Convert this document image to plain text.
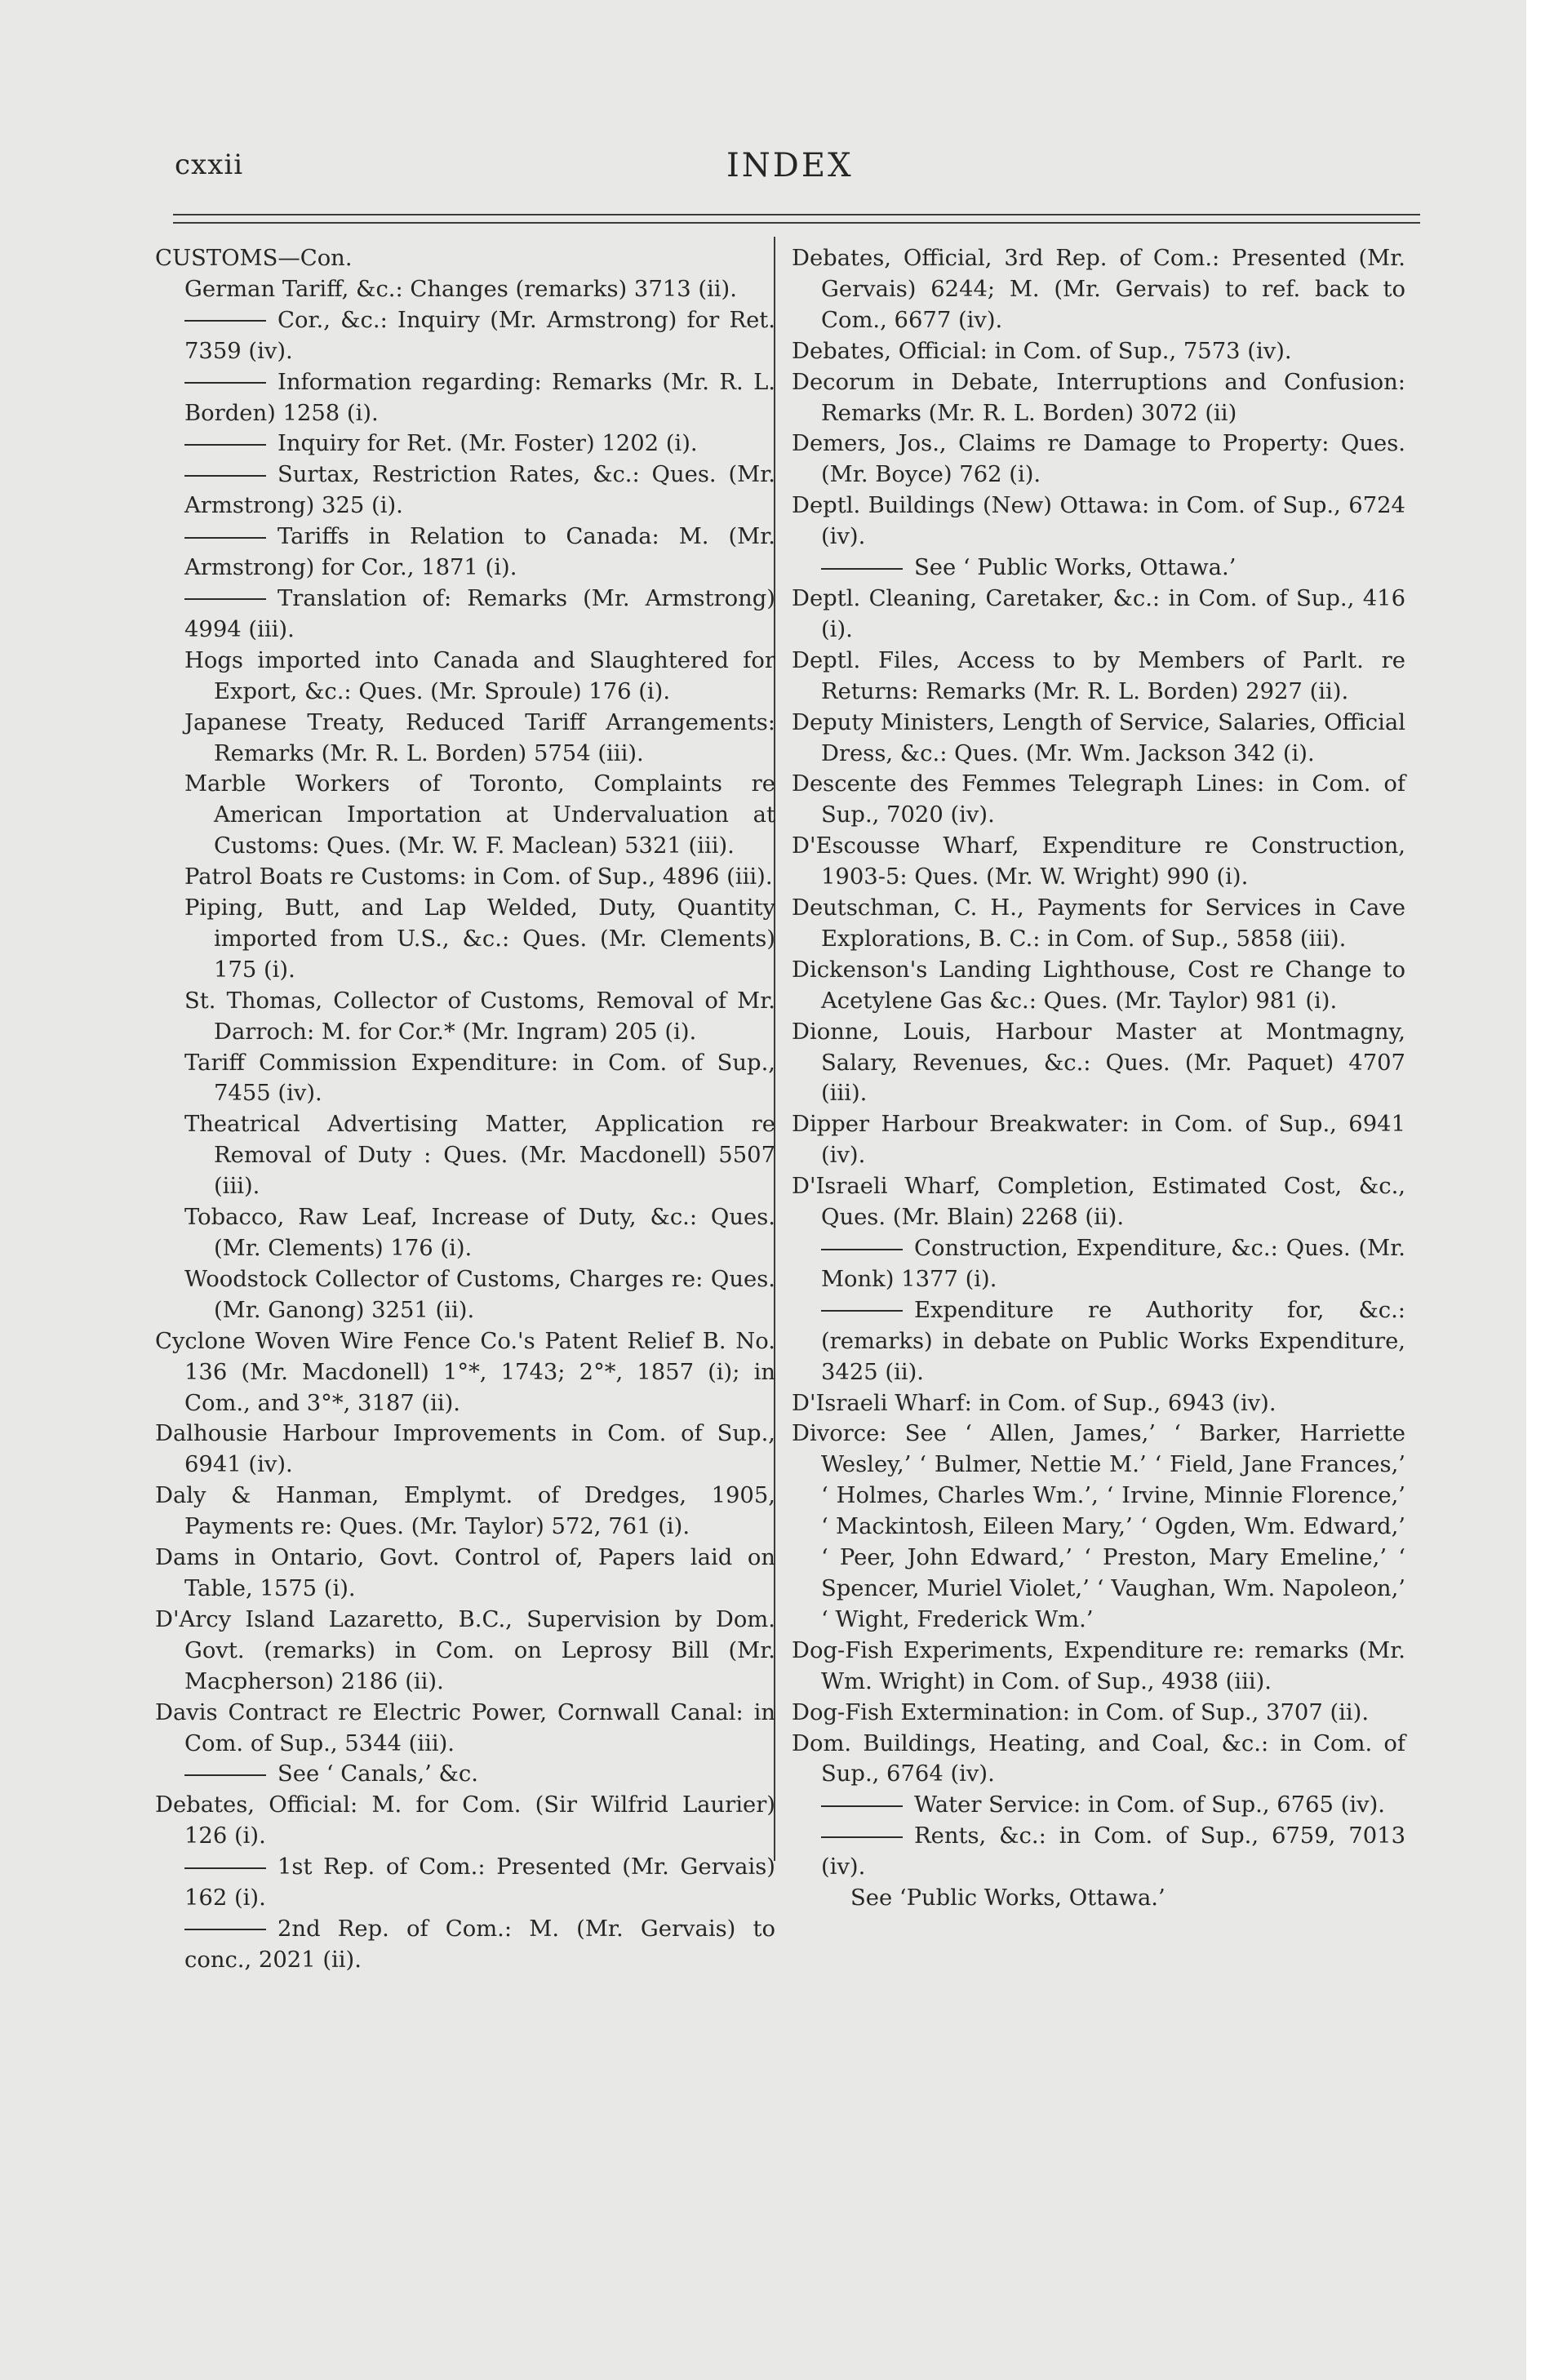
cxxii	INDEX
CUSTOMS—Con.
German Tariff, &c.: Changes (remarks) 3713 (ii).
Cor., &c.: Inquiry (Mr. Armstrong) for Ret. 7359 (iv).
Information regarding: Remarks (Mr. R. L. Borden) 1258 (i).
Inquiry for Ret. (Mr. Foster) 1202 (i).
Surtax, Restriction Rates, &c.: Ques. (Mr. Armstrong) 325 (i).
Tariffs in Relation to Canada: M. (Mr. Armstrong) for Cor., 1871 (i).
Translation of: Remarks (Mr. Armstrong) 4994 (iii).
Hogs imported into Canada and Slaughtered for Export, &c.: Ques. (Mr. Sproule) 176 (i).
Japanese Treaty, Reduced Tariff Arrangements: Remarks (Mr. R. L. Borden) 5754 (iii).
Marble Workers of Toronto, Complaints re American Importation at Undervaluation at Customs: Ques. (Mr. W. F. Maclean) 5321 (iii).
Patrol Boats re Customs: in Com. of Sup., 4896 (iii).
Piping, Butt, and Lap Welded, Duty, Quantity imported from U.S., &c.: Ques. (Mr. Clements) 175 (i).
St. Thomas, Collector of Customs, Removal of Mr. Darroch: M. for Cor.* (Mr. Ingram) 205 (i).
Tariff Commission Expenditure: in Com. of Sup., 7455 (iv).
Theatrical Advertising Matter, Application re Removal of Duty : Ques. (Mr. Macdonell) 5507 (iii).
Tobacco, Raw Leaf, Increase of Duty, &c.: Ques. (Mr. Clements) 176 (i).
Woodstock Collector of Customs, Charges re: Ques. (Mr. Ganong) 3251 (ii).
Cyclone Woven Wire Fence Co.'s Patent Relief B. No. 136 (Mr. Macdonell) 1°*, 1743; 2°*, 1857 (i); in Com., and 3°*, 3187 (ii).
Dalhousie Harbour Improvements in Com. of Sup., 6941 (iv).
Daly & Hanman, Emplymt. of Dredges, 1905, Payments re: Ques. (Mr. Taylor) 572, 761 (i).
Dams in Ontario, Govt. Control of, Papers laid on Table, 1575 (i).
D'Arcy Island Lazaretto, B.C., Supervision by Dom. Govt. (remarks) in Com. on Leprosy Bill (Mr. Macpherson) 2186 (ii).
Davis Contract re Electric Power, Cornwall Canal: in Com. of Sup., 5344 (iii).
See ‘ Canals,’ &c.
Debates, Official: M. for Com. (Sir Wilfrid Laurier) 126 (i).
1st Rep. of Com.: Presented (Mr. Gervais) 162 (i).
2nd Rep. of Com.: M. (Mr. Gervais) to conc., 2021 (ii).
Debates, Official, 3rd Rep. of Com.: Presented (Mr. Gervais) 6244; M. (Mr. Gervais) to ref. back to Com., 6677 (iv).
Debates, Official: in Com. of Sup., 7573 (iv).
Decorum in Debate, Interruptions and Confusion: Remarks (Mr. R. L. Borden) 3072 (ii)
Demers, Jos., Claims re Damage to Property: Ques. (Mr. Boyce) 762 (i).
Deptl. Buildings (New) Ottawa: in Com. of Sup., 6724 (iv).
See ‘ Public Works, Ottawa.’
Deptl. Cleaning, Caretaker, &c.: in Com. of Sup., 416 (i).
Deptl. Files, Access to by Members of Parlt. re Returns: Remarks (Mr. R. L. Borden) 2927 (ii).
Deputy Ministers, Length of Service, Salaries, Official Dress, &c.: Ques. (Mr. Wm. Jackson 342 (i).
Descente des Femmes Telegraph Lines: in Com. of Sup., 7020 (iv).
D'Escousse Wharf, Expenditure re Construction, 1903-5: Ques. (Mr. W. Wright) 990 (i).
Deutschman, C. H., Payments for Services in Cave Explorations, B. C.: in Com. of Sup., 5858 (iii).
Dickenson's Landing Lighthouse, Cost re Change to Acetylene Gas &c.: Ques. (Mr. Taylor) 981 (i).
Dionne, Louis, Harbour Master at Montmagny, Salary, Revenues, &c.: Ques. (Mr. Paquet) 4707 (iii).
Dipper Harbour Breakwater: in Com. of Sup., 6941 (iv).
D'Israeli Wharf, Completion, Estimated Cost, &c., Ques. (Mr. Blain) 2268 (ii).
Construction, Expenditure, &c.: Ques. (Mr. Monk) 1377 (i).
Expenditure re Authority for, &c.: (remarks) in debate on Public Works Expenditure, 3425 (ii).
D'Israeli Wharf: in Com. of Sup., 6943 (iv).
Divorce: See ‘ Allen, James,’ ‘ Barker, Harriette Wesley,’ ‘ Bulmer, Nettie M.’ ‘ Field, Jane Frances,’ ‘ Holmes, Charles Wm.’, ‘ Irvine, Minnie Florence,’ ‘ Mackintosh, Eileen Mary,’ ‘ Ogden, Wm. Edward,’ ‘ Peer, John Edward,’ ‘ Preston, Mary Emeline,’ ‘ Spencer, Muriel Violet,’ ‘ Vaughan, Wm. Napoleon,’ ‘ Wight, Frederick Wm.’
Dog-Fish Experiments, Expenditure re: remarks (Mr. Wm. Wright) in Com. of Sup., 4938 (iii).
Dog-Fish Extermination: in Com. of Sup., 3707 (ii).
Dom. Buildings, Heating, and Coal, &c.: in Com. of Sup., 6764 (iv).
Water Service: in Com. of Sup., 6765 (iv).
Rents, &c.: in Com. of Sup., 6759, 7013 (iv).
See ‘Public Works, Ottawa.’
